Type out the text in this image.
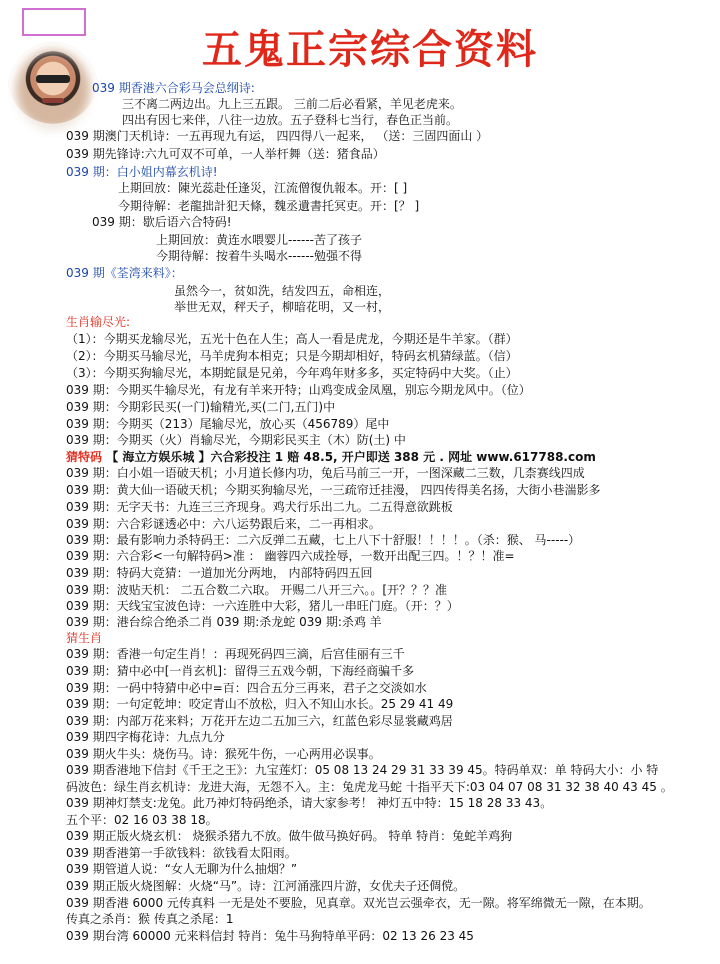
五鬼正宗综合资料
039 期香港六合彩马会总纲诗:
三不离二两边出。九上三五跟。 三前二后必看紧，羊见老虎来。
四出有因七来伴，八往一边放。五子登科七当行，春色正当前。
039 期澳门天机诗：一五再现九有运， 四四得八一起来， （送：三固四面山 ）
039 期先锋诗:六九可双不可单，一人举杆舞（送：猪食品）
039 期：白小姐内幕玄机诗!
上期回放：陳光蕊赴任逢災，江流僧復仇報本。开：[ ]
今期待解：老龍拙計犯天條，魏丞遺書托冥吏。开：[？ ]
039 期：歇后语六合特码!
上期回放：黄连水喂婴儿------苦了孩子
今期待解：按着牛头喝水------勉强不得
039 期《荃湾来料》：
虽然今一，贫如洗，结发四五，命相连，
举世无双，秤天子，柳暗花明，又一村，
生肖输尽光:
（1）：今期买龙输尽光，五光十色在人生；高人一看是虎龙，今期还是牛羊家。（群）
（2）：今期买马输尽光，马羊虎狗本相克；只是今期却相好，特码玄机猜绿蓝。（信）
（3）：今期买狗输尽光，本期蛇鼠是兄弟，今年鸡年财多多，买定特码中大奖。（止）
039 期：今期买牛输尽光，有龙有羊来开特；山鸡变成金凤凰，别忘今期龙风中。（位）
039 期：今期彩民买(一门)输精光,买(二门,五门)中
039 期：今期买（213）尾输尽光，放心买（456789）尾中
039 期：今期买（火）肖输尽光，今期彩民买主（木）防(土) 中
猜特码 【 海立方娱乐城 】六合彩投注 1 赔 48.5, 开户即送 388 元 . 网址 www.617788.com
039 期：白小姐一语破天机；小月道长修内功，兔后马前三一开，一图深藏二三数，几柰赛线四成
039 期：黄大仙一语破天机；今期买狗输尽光，一三疏帘迁挂漫， 四四传得美名扬，大街小巷湍影多
039 期：无字天书：九连三三齐现身。鸡犬行乐出二九。二五得意欲跳板
039 期：六合彩谜透必中：六八运势跟后来，二一再相求。
039 期：最有影响力杀特码王：二六反弹二五藏，七上八下十舒服！！！！。（杀：猴、 马-----）
039 期：六合彩<一句解特码>准 ： 幽蓉四六成拴辱，一数开出配三四。！？！准=
039 期：特码大竞猜：一道加光分两地， 内部特码四五回
039 期：波贴天机： 二五合数二六取。 开赐二八开三六。。[开？？？准
039 期：天线宝宝波色诗：一六连胜中大彩，猪儿一串旺门庭。（开：？）
039 期：港台综合绝杀二肖 039 期:杀龙蛇 039 期:杀鸡 羊
猜生肖
039 期：香港一句定生肖！：再现死码四三滴，后宫佳丽有三千
039 期：猜中必中[一肖玄机]：留得三五戏今朝，下海经商骗千多
039 期：一码中特猜中必中=百：四合五分三再来，君子之交淡如水
039 期：一句定乾坤：咬定青山不放松，归入不知山水长。25 29 41 49
039 期：内部万花来料；万花开左边二五加三六，红蓝色彩尽显裳藏鸡居
039 期四字梅花诗：九点九分
039 期火牛头：烧伤马。诗：猴死牛伤，一心两用必误事。
039 期香港地下信封《千王之王》：九宝莲灯：05 08 13 24 29 31 33 39 45。特码单双：单 特码大小：小 特
码波色：绿生肖玄机诗：龙进大海，无怨不入。主：兔虎龙马蛇 十指平天下:03 04 07 08 31 32 38 40 43 45 。
039 期神灯禁支:龙兔。此乃神灯特码绝杀，请大家参考！ 神灯五中特：15 18 28 33 43。
五个平：02 16 03 38 18。
039 期正版火烧玄机： 烧猴杀猪九不放。做牛做马换好码。 特单 特肖：兔蛇羊鸡狗
039 期香港第一手欲钱料：欲钱看太阳雨。
039 期管道人说：“女人无聊为什么抽烟？”
039 期正版火烧图解：火烧“马”。诗：江河涌涨四片游，女优夫子还倜傥。
039 期香港 6000 元传真料 一无是处不要脸，见真章。双光岂云强牵衣，无一隙。将军绵微无一隙，在本期。
传真之杀肖：猴 传真之杀尾：1
039 期台湾 60000 元来料信封 特肖：兔牛马狗特单平码：02 13 26 23 45
